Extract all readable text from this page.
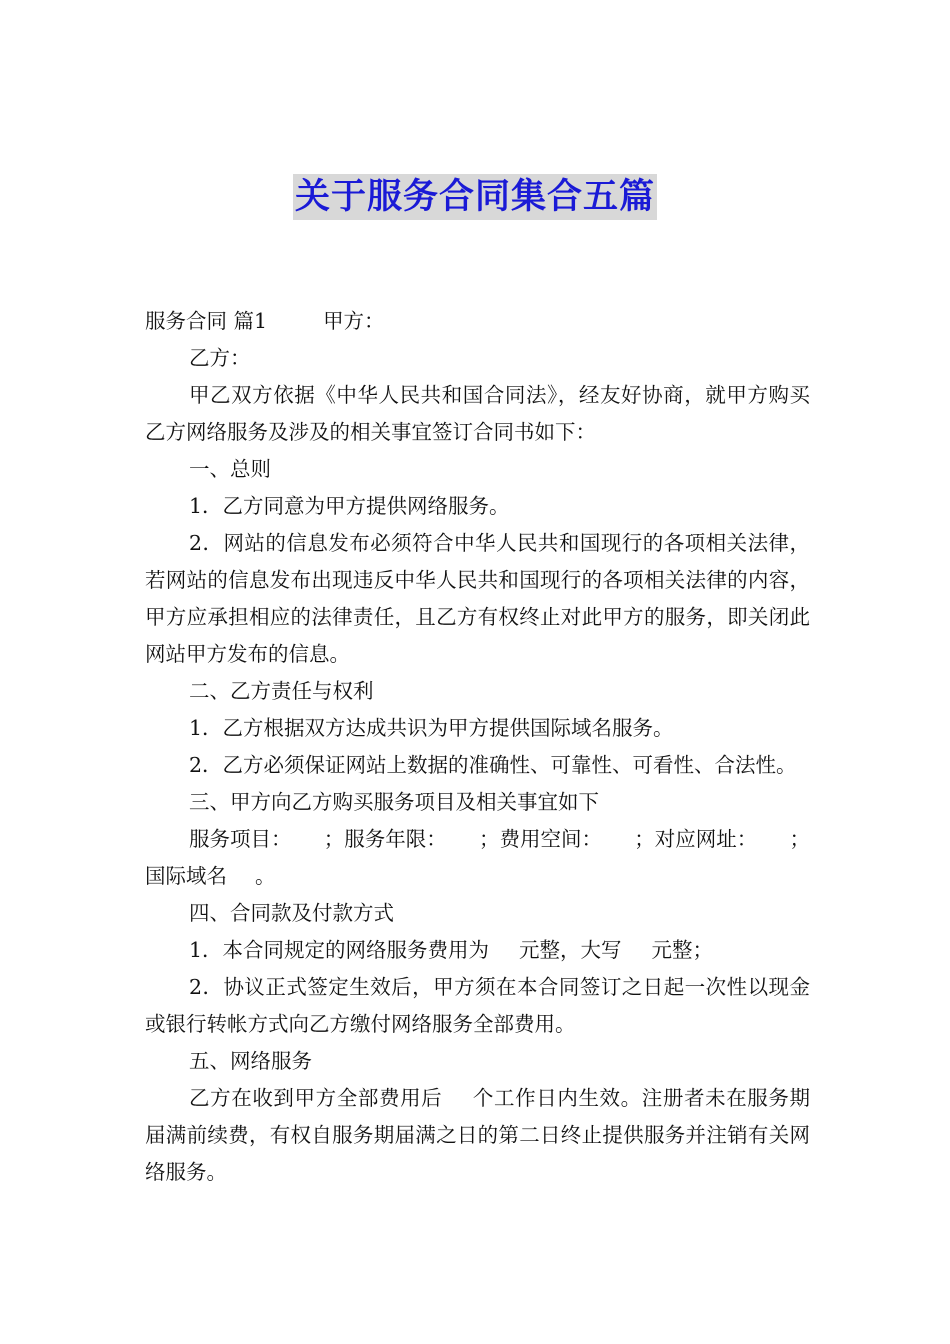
关于服务合同集合五篇

服务合同 篇1	甲方：

乙方：

甲乙双方依据《中华人民共和国合同法》，经友好协商，就甲方购买乙方网络服务及涉及的相关事宜签订合同书如下：

一、总则

1．乙方同意为甲方提供网络服务。

2．网站的信息发布必须符合中华人民共和国现行的各项相关法律，若网站的信息发布出现违反中华人民共和国现行的各项相关法律的内容，甲方应承担相应的法律责任，且乙方有权终止对此甲方的服务，即关闭此网站甲方发布的信息。

二、乙方责任与权利

1．乙方根据双方达成共识为甲方提供国际域名服务。

2．乙方必须保证网站上数据的准确性、可靠性、可看性、合法性。

三、甲方向乙方购买服务项目及相关事宜如下

服务项目： ；服务年限： ；费用空间： ；对应网址： ；

国际域名 。

四、合同款及付款方式

1．本合同规定的网络服务费用为 元整，大写 元整；

2．协议正式签定生效后，甲方须在本合同签订之日起一次性以现金或银行转帐方式向乙方缴付网络服务全部费用。

五、网络服务

乙方在收到甲方全部费用后 个工作日内生效。注册者未在服务期届满前续费，有权自服务期届满之日的第二日终止提供服务并注销有关网络服务。
